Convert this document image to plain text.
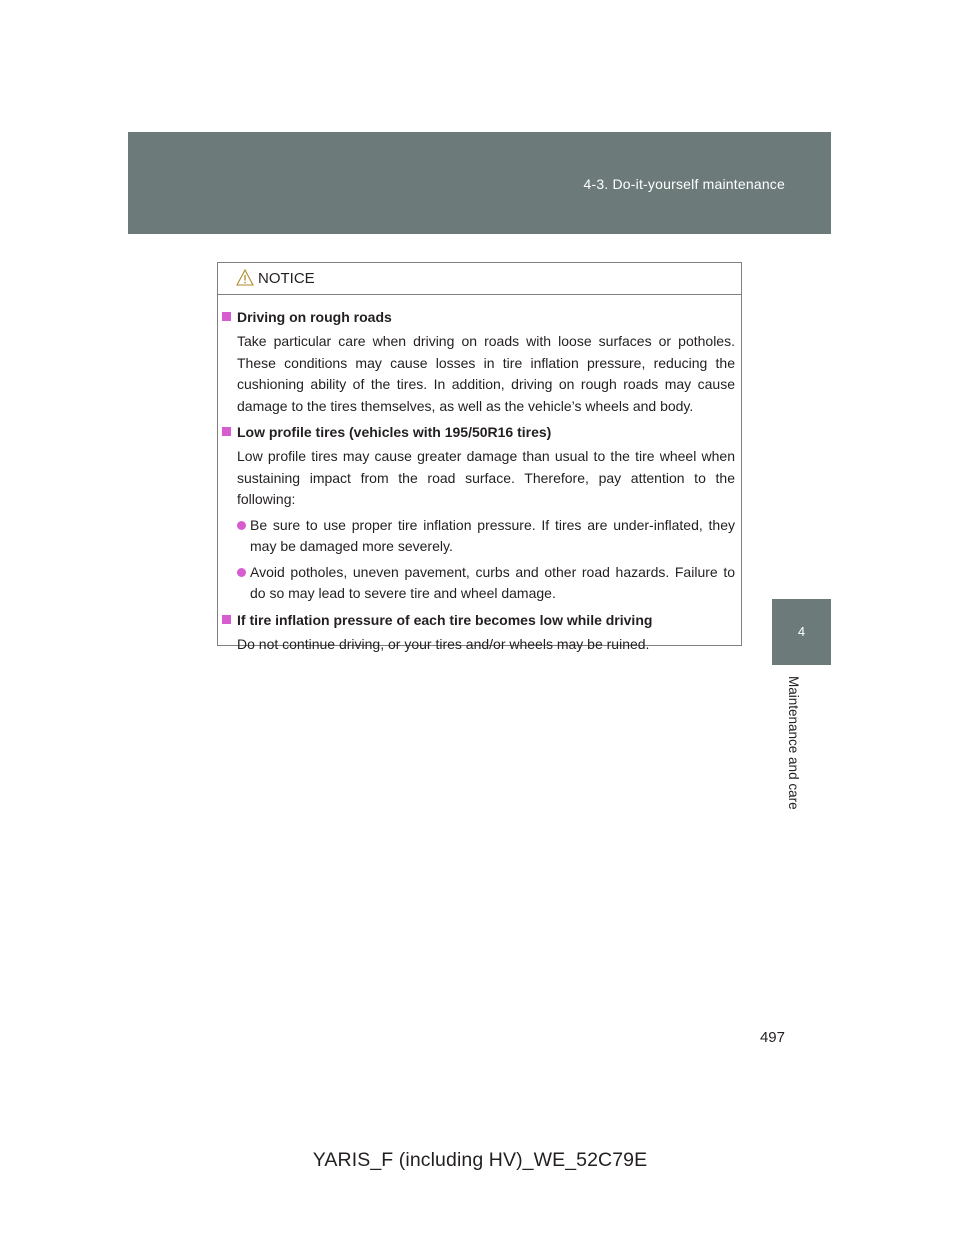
4-3. Do-it-yourself maintenance
4
Maintenance and care
NOTICE
Driving on rough roads
Take particular care when driving on roads with loose surfaces or potholes. These conditions may cause losses in tire inflation pressure, reducing the cushioning ability of the tires. In addition, driving on rough roads may cause damage to the tires themselves, as well as the vehicle’s wheels and body.
Low profile tires (vehicles with 195/50R16 tires)
Low profile tires may cause greater damage than usual to the tire wheel when sustaining impact from the road surface. Therefore, pay attention to the following:
Be sure to use proper tire inflation pressure. If tires are under-inflated, they may be damaged more severely.
Avoid potholes, uneven pavement, curbs and other road hazards. Failure to do so may lead to severe tire and wheel damage.
If tire inflation pressure of each tire becomes low while driving
Do not continue driving, or your tires and/or wheels may be ruined.
497
YARIS_F (including HV)_WE_52C79E
